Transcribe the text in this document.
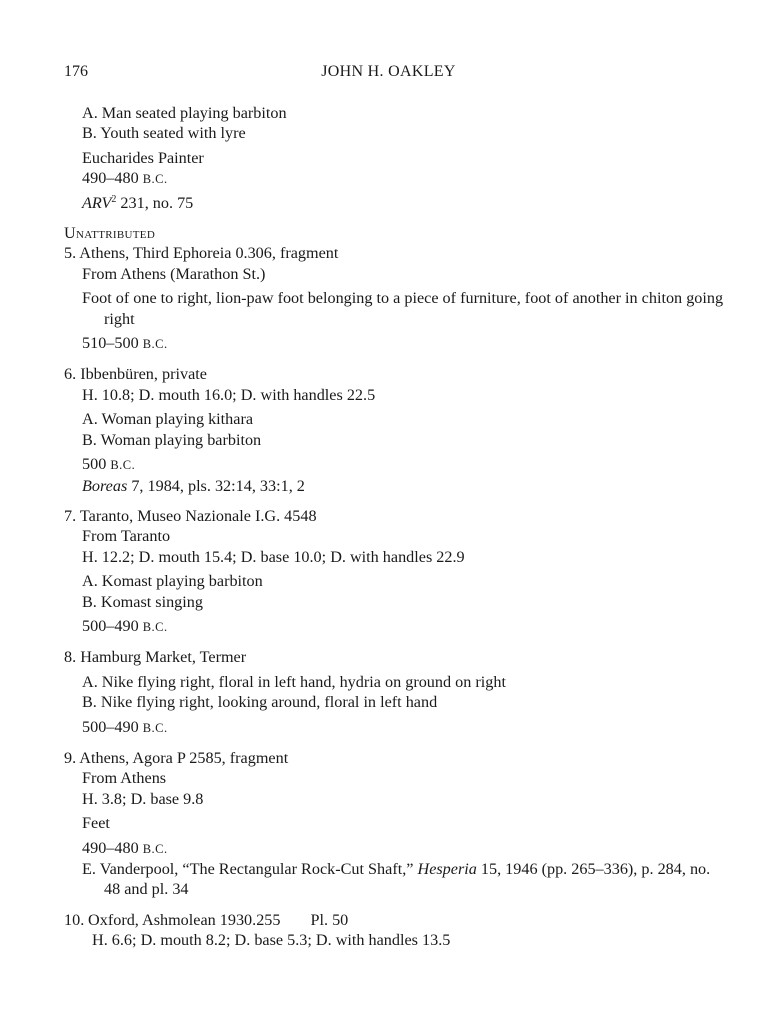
176	JOHN H. OAKLEY
A. Man seated playing barbiton
B. Youth seated with lyre
Eucharides Painter
490–480 B.C.
ARV$^2$ 231, no. 75
Unattributed
5. Athens, Third Ephoreia 0.306, fragment
From Athens (Marathon St.)
Foot of one to right, lion-paw foot belonging to a piece of furniture, foot of another in chiton going right
510–500 B.C.
6. Ibbenbüren, private
H. 10.8; D. mouth 16.0; D. with handles 22.5
A. Woman playing kithara
B. Woman playing barbiton
500 B.C.
Boreas 7, 1984, pls. 32:14, 33:1, 2
7. Taranto, Museo Nazionale I.G. 4548
From Taranto
H. 12.2; D. mouth 15.4; D. base 10.0; D. with handles 22.9
A. Komast playing barbiton
B. Komast singing
500–490 B.C.
8. Hamburg Market, Termer
A. Nike flying right, floral in left hand, hydria on ground on right
B. Nike flying right, looking around, floral in left hand
500–490 B.C.
9. Athens, Agora P 2585, fragment
From Athens
H. 3.8; D. base 9.8
Feet
490–480 B.C.
E. Vanderpool, “The Rectangular Rock-Cut Shaft,” Hesperia 15, 1946 (pp. 265–336), p. 284, no. 48 and pl. 34
10. Oxford, Ashmolean 1930.255 Pl. 50
H. 6.6; D. mouth 8.2; D. base 5.3; D. with handles 13.5
